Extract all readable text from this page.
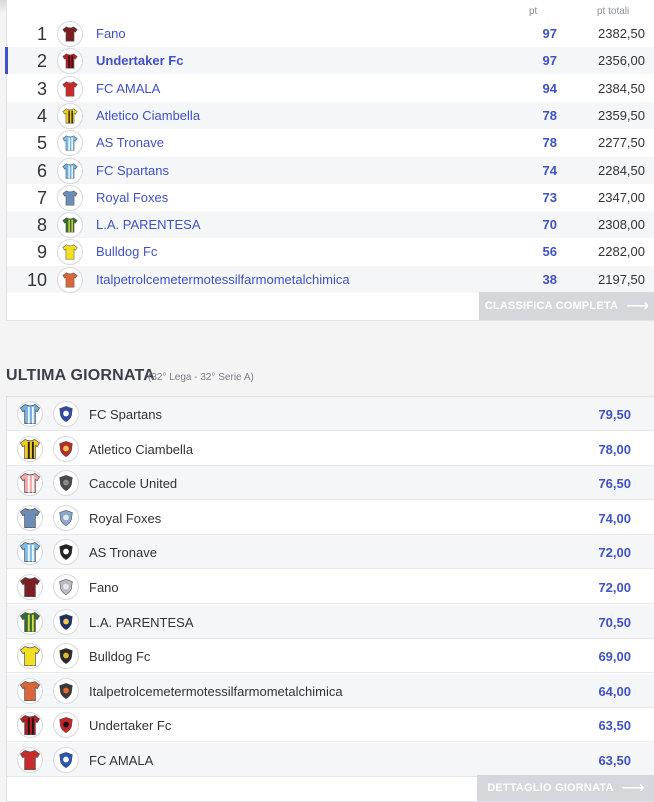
pt	pt totali
1	Fano	97	2382,50
2	Undertaker Fc	97	2356,00
3	FC AMALA	94	2384,50
4	Atletico Ciambella	78	2359,50
5	AS Tronave	78	2277,50
6	FC Spartans	74	2284,50
7	Royal Foxes	73	2347,00
8	L.A. PARENTESA	70	2308,00
9	Bulldog Fc	56	2282,00
10	Italpetrolcemetermotessilfarmometalchimica	38	2197,50
CLASSIFICA COMPLETA ⟶
ULTIMA GIORNATA
(32° Lega - 32° Serie A)
FC Spartans	79,50
Atletico Ciambella	78,00
Caccole United	76,50
Royal Foxes	74,00
AS Tronave	72,00
Fano	72,00
L.A. PARENTESA	70,50
Bulldog Fc	69,00
Italpetrolcemetermotessilfarmometalchimica	64,00
Undertaker Fc	63,50
FC AMALA	63,50
DETTAGLIO GIORNATA ⟶
